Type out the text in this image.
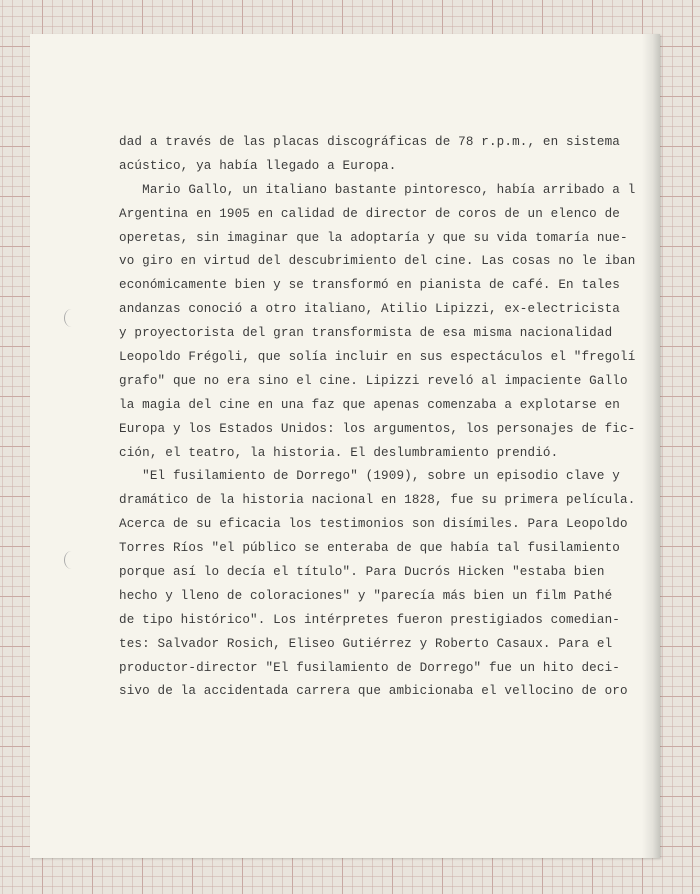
dad a través de las placas discográficas de 78 r.p.m., en sistema
acústico, ya había llegado a Europa.
Mario Gallo, un italiano bastante pintoresco, había arribado a l
Argentina en 1905 en calidad de director de coros de un elenco de
operetas, sin imaginar que la adoptaría y que su vida tomaría nue-
vo giro en virtud del descubrimiento del cine. Las cosas no le iban
económicamente bien y se transformó en pianista de café. En tales
andanzas conoció a otro italiano, Atilio Lipizzi, ex-electricista
y proyectorista del gran transformista de esa misma nacionalidad
Leopoldo Frégoli, que solía incluir en sus espectáculos el "fregolí
grafo" que no era sino el cine. Lipizzi reveló al impaciente Gallo
la magia del cine en una faz que apenas comenzaba a explotarse en
Europa y los Estados Unidos: los argumentos, los personajes de fic-
ción, el teatro, la historia. El deslumbramiento prendió.
"El fusilamiento de Dorrego" (1909), sobre un episodio clave y
dramático de la historia nacional en 1828, fue su primera película.
Acerca de su eficacia los testimonios son disímiles. Para Leopoldo
Torres Ríos "el público se enteraba de que había tal fusilamiento
porque así lo decía el título". Para Ducrós Hicken "estaba bien
hecho y lleno de coloraciones" y "parecía más bien un film Pathé
de tipo histórico". Los intérpretes fueron prestigiados comedian-
tes: Salvador Rosich, Eliseo Gutiérrez y Roberto Casaux. Para el
productor-director "El fusilamiento de Dorrego" fue un hito deci-
sivo de la accidentada carrera que ambicionaba el vellocino de oro
